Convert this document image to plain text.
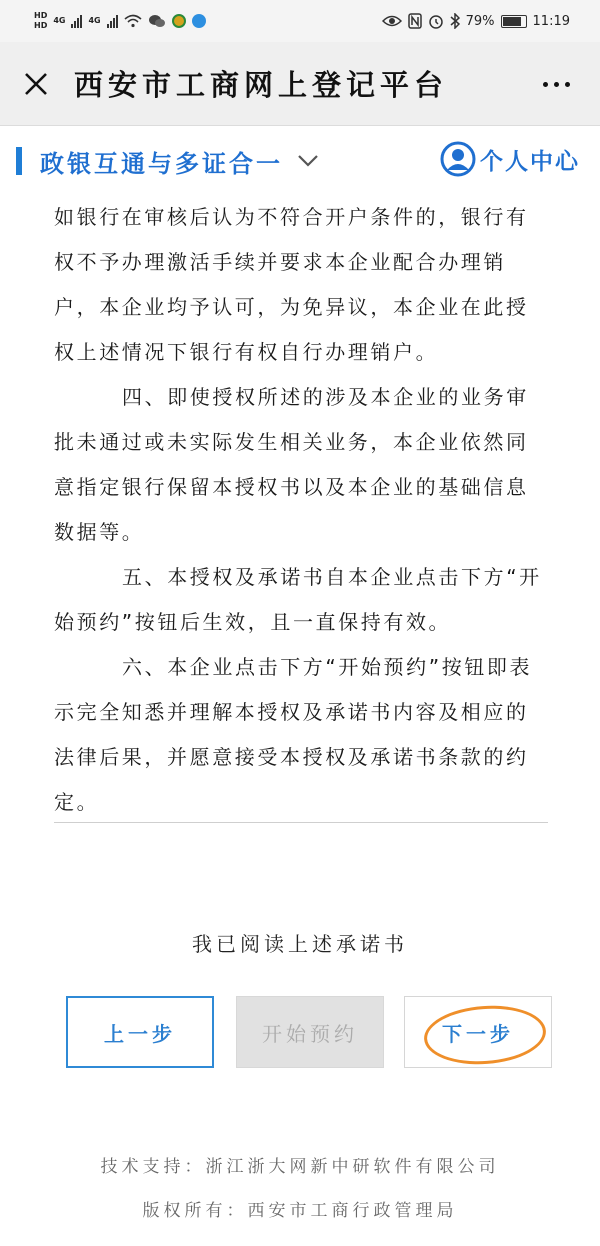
HD
HD
4G	4G	79%	11:19
西安市工商网上登记平台
政银互通与多证合一	个人中心

如银行在审核后认为不符合开户条件的，银行有权不予办理激活手续并要求本企业配合办理销户，本企业均予认可，为免异议，本企业在此授权上述情况下银行有权自行办理销户。

四、即使授权所述的涉及本企业的业务审批未通过或未实际发生相关业务，本企业依然同意指定银行保留本授权书以及本企业的基础信息数据等。

五、本授权及承诺书自本企业点击下方“开始预约”按钮后生效，且一直保持有效。

六、本企业点击下方“开始预约”按钮即表示完全知悉并理解本授权及承诺书内容及相应的法律后果，并愿意接受本授权及承诺书条款的约定。

我已阅读上述承诺书
上一步	开始预约	下一步
技术支持：浙江浙大网新中研软件有限公司
版权所有：西安市工商行政管理局
